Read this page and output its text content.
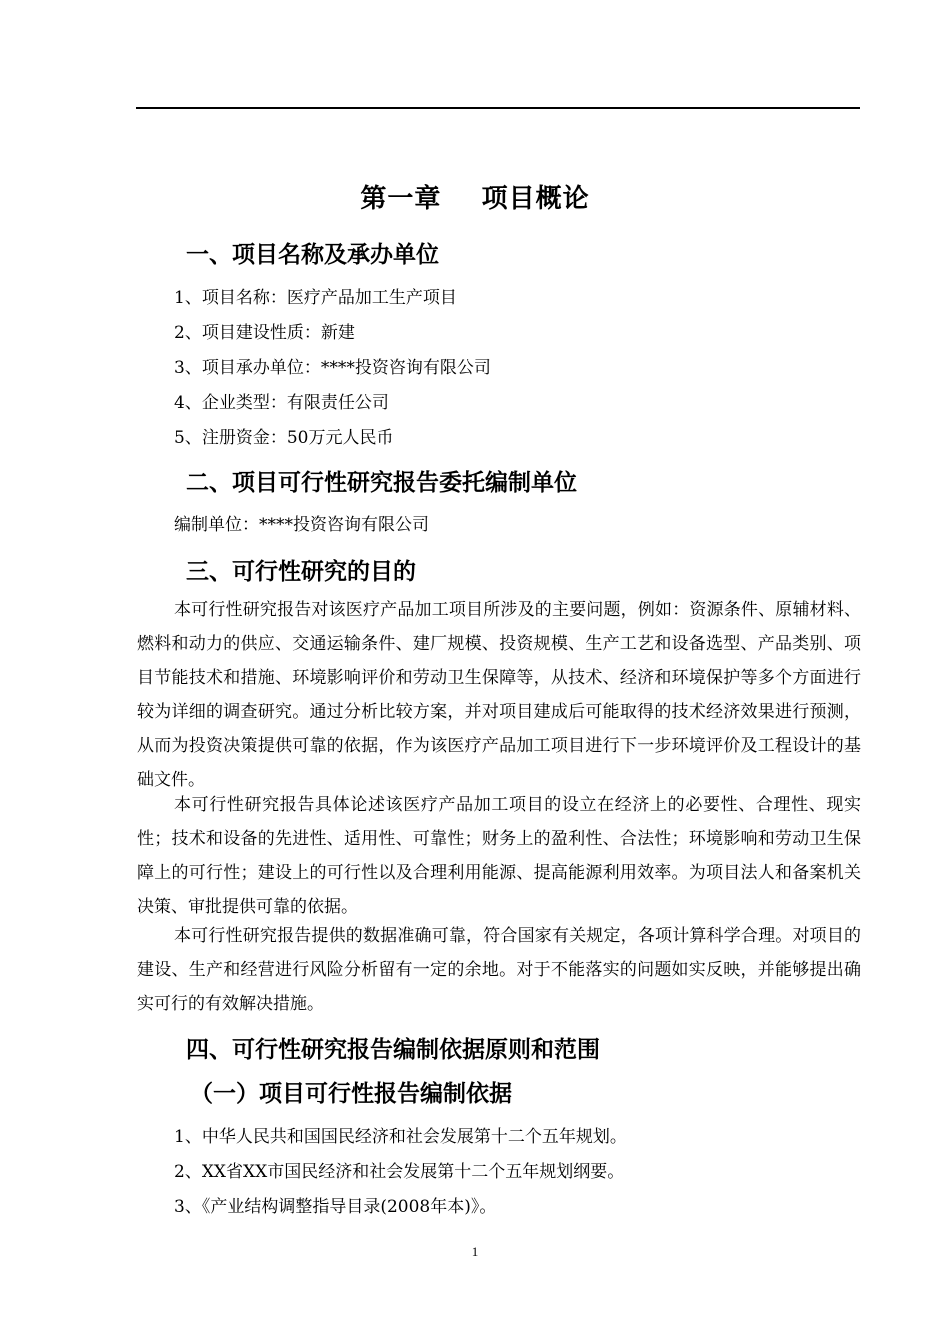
第一章    项目概论
一、项目名称及承办单位
1、项目名称：医疗产品加工生产项目
2、项目建设性质：新建
3、项目承办单位：****投资咨询有限公司
4、企业类型：有限责任公司
5、注册资金：50万元人民币
二、项目可行性研究报告委托编制单位
编制单位：****投资咨询有限公司
三、可行性研究的目的
本可行性研究报告对该医疗产品加工项目所涉及的主要问题，例如：资源条件、原辅材料、燃料和动力的供应、交通运输条件、建厂规模、投资规模、生产工艺和设备选型、产品类别、项目节能技术和措施、环境影响评价和劳动卫生保障等，从技术、经济和环境保护等多个方面进行较为详细的调查研究。通过分析比较方案，并对项目建成后可能取得的技术经济效果进行预测，从而为投资决策提供可靠的依据，作为该医疗产品加工项目进行下一步环境评价及工程设计的基础文件。
本可行性研究报告具体论述该医疗产品加工项目的设立在经济上的必要性、合理性、现实性；技术和设备的先进性、适用性、可靠性；财务上的盈利性、合法性；环境影响和劳动卫生保障上的可行性；建设上的可行性以及合理利用能源、提高能源利用效率。为项目法人和备案机关决策、审批提供可靠的依据。
本可行性研究报告提供的数据准确可靠，符合国家有关规定，各项计算科学合理。对项目的建设、生产和经营进行风险分析留有一定的余地。对于不能落实的问题如实反映，并能够提出确实可行的有效解决措施。
四、可行性研究报告编制依据原则和范围
（一）项目可行性报告编制依据
1、中华人民共和国国民经济和社会发展第十二个五年规划。
2、XX省XX市国民经济和社会发展第十二个五年规划纲要。
3、《产业结构调整指导目录(2008年本)》。
1
